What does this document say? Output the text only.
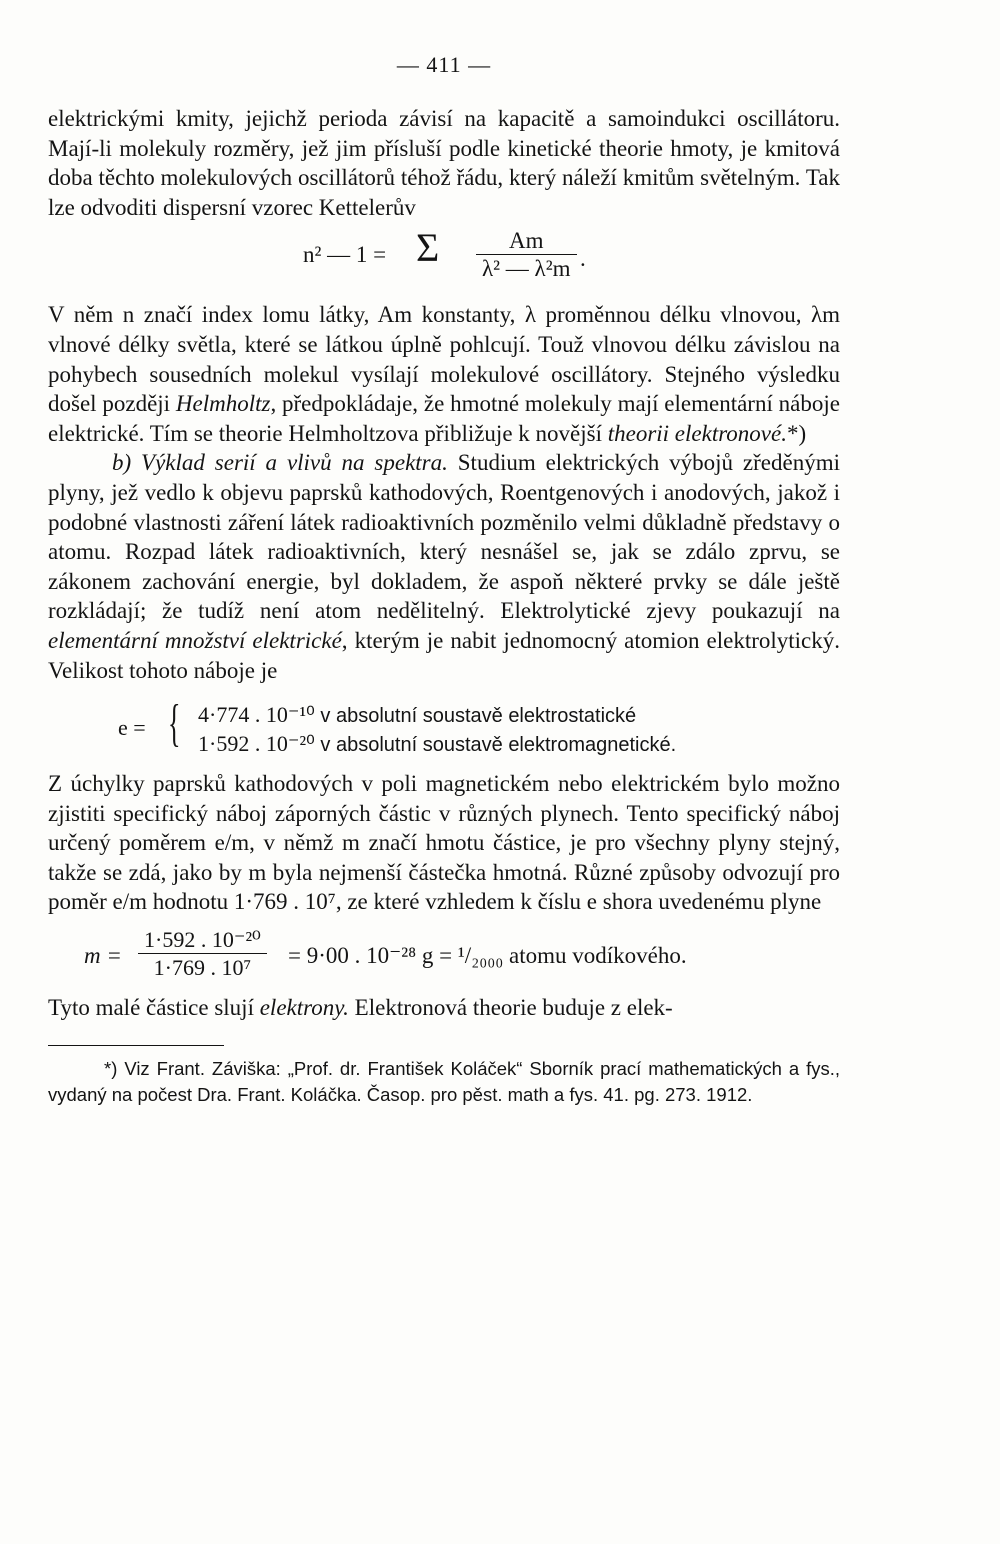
— 411 —

elektrickými kmity, jejichž perioda závisí na kapacitě a samoindukci oscillátoru. Mají-li molekuly rozměry, jež jim přísluší podle kinetické theorie hmoty, je kmitová doba těchto molekulových oscillátorů téhož řádu, který náleží kmitům světelným. Tak lze odvoditi dispersní vzorec Kettelerův

n² — 1 = Σ $\frac{Am}{\text{λ² — λ²m}}$ .

V něm n značí index lomu látky, Am konstanty, λ proměnnou délku vlnovou, λm vlnové délky světla, které se látkou úplně pohlcují. Touž vlnovou délku závislou na pohybech sousedních molekul vysílají molekulové oscillátory. Stejného výsledku došel později Helmholtz, předpokládaje, že hmotné molekuly mají elementární náboje elektrické. Tím se theorie Helmholtzova přibližuje k novější theorii elektronové.*)

b) Výklad serií a vlivů na spektra. Studium elektrických výbojů zředěnými plyny, jež vedlo k objevu paprsků kathodových, Roentgenových i anodových, jakož i podobné vlastnosti záření látek radioaktivních pozměnilo velmi důkladně představy o atomu. Rozpad látek radioaktivních, který nesnášel se, jak se zdálo zprvu, se zákonem zachování energie, byl dokladem, že aspoň některé prvky se dále ještě rozkládají; že tudíž není atom nedělitelný. Elektrolytické zjevy poukazují na elementární množství elektrické, kterým je nabit jednomocný atomion elektrolytický. Velikost tohoto náboje je

e = { 4·774 . 10⁻¹⁰ v absolutní soustavě elektrostatické
1·592 . 10⁻²⁰ v absolutní soustavě elektromagnetické.

Z úchylky paprsků kathodových v poli magnetickém nebo elektrickém bylo možno zjistiti specifický náboj záporných částic v různých plynech. Tento specifický náboj určený poměrem e/m, v němž m značí hmotu částice, je pro všechny plyny stejný, takže se zdá, jako by m byla nejmenší částečka hmotná. Různé způsoby odvozují pro poměr e/m hodnotu 1·769 . 10⁷, ze které vzhledem k číslu e shora uvedenému plyne

$m = \frac{\text{1·592 . 10⁻²⁰}}{\text{1·769 . 10⁷}} = 9\cdot 00$ . 10⁻²⁸ g = ¹/₂₀₀₀ atomu vodíkového.

Tyto malé částice slují elektrony. Elektronová theorie buduje z elek-

*) Viz Frant. Záviška: „Prof. dr. František Koláček“ Sborník prací mathematických a fys., vydaný na počest Dra. Frant. Koláčka. Časop. pro pěst. math a fys. 41. pg. 273. 1912.
